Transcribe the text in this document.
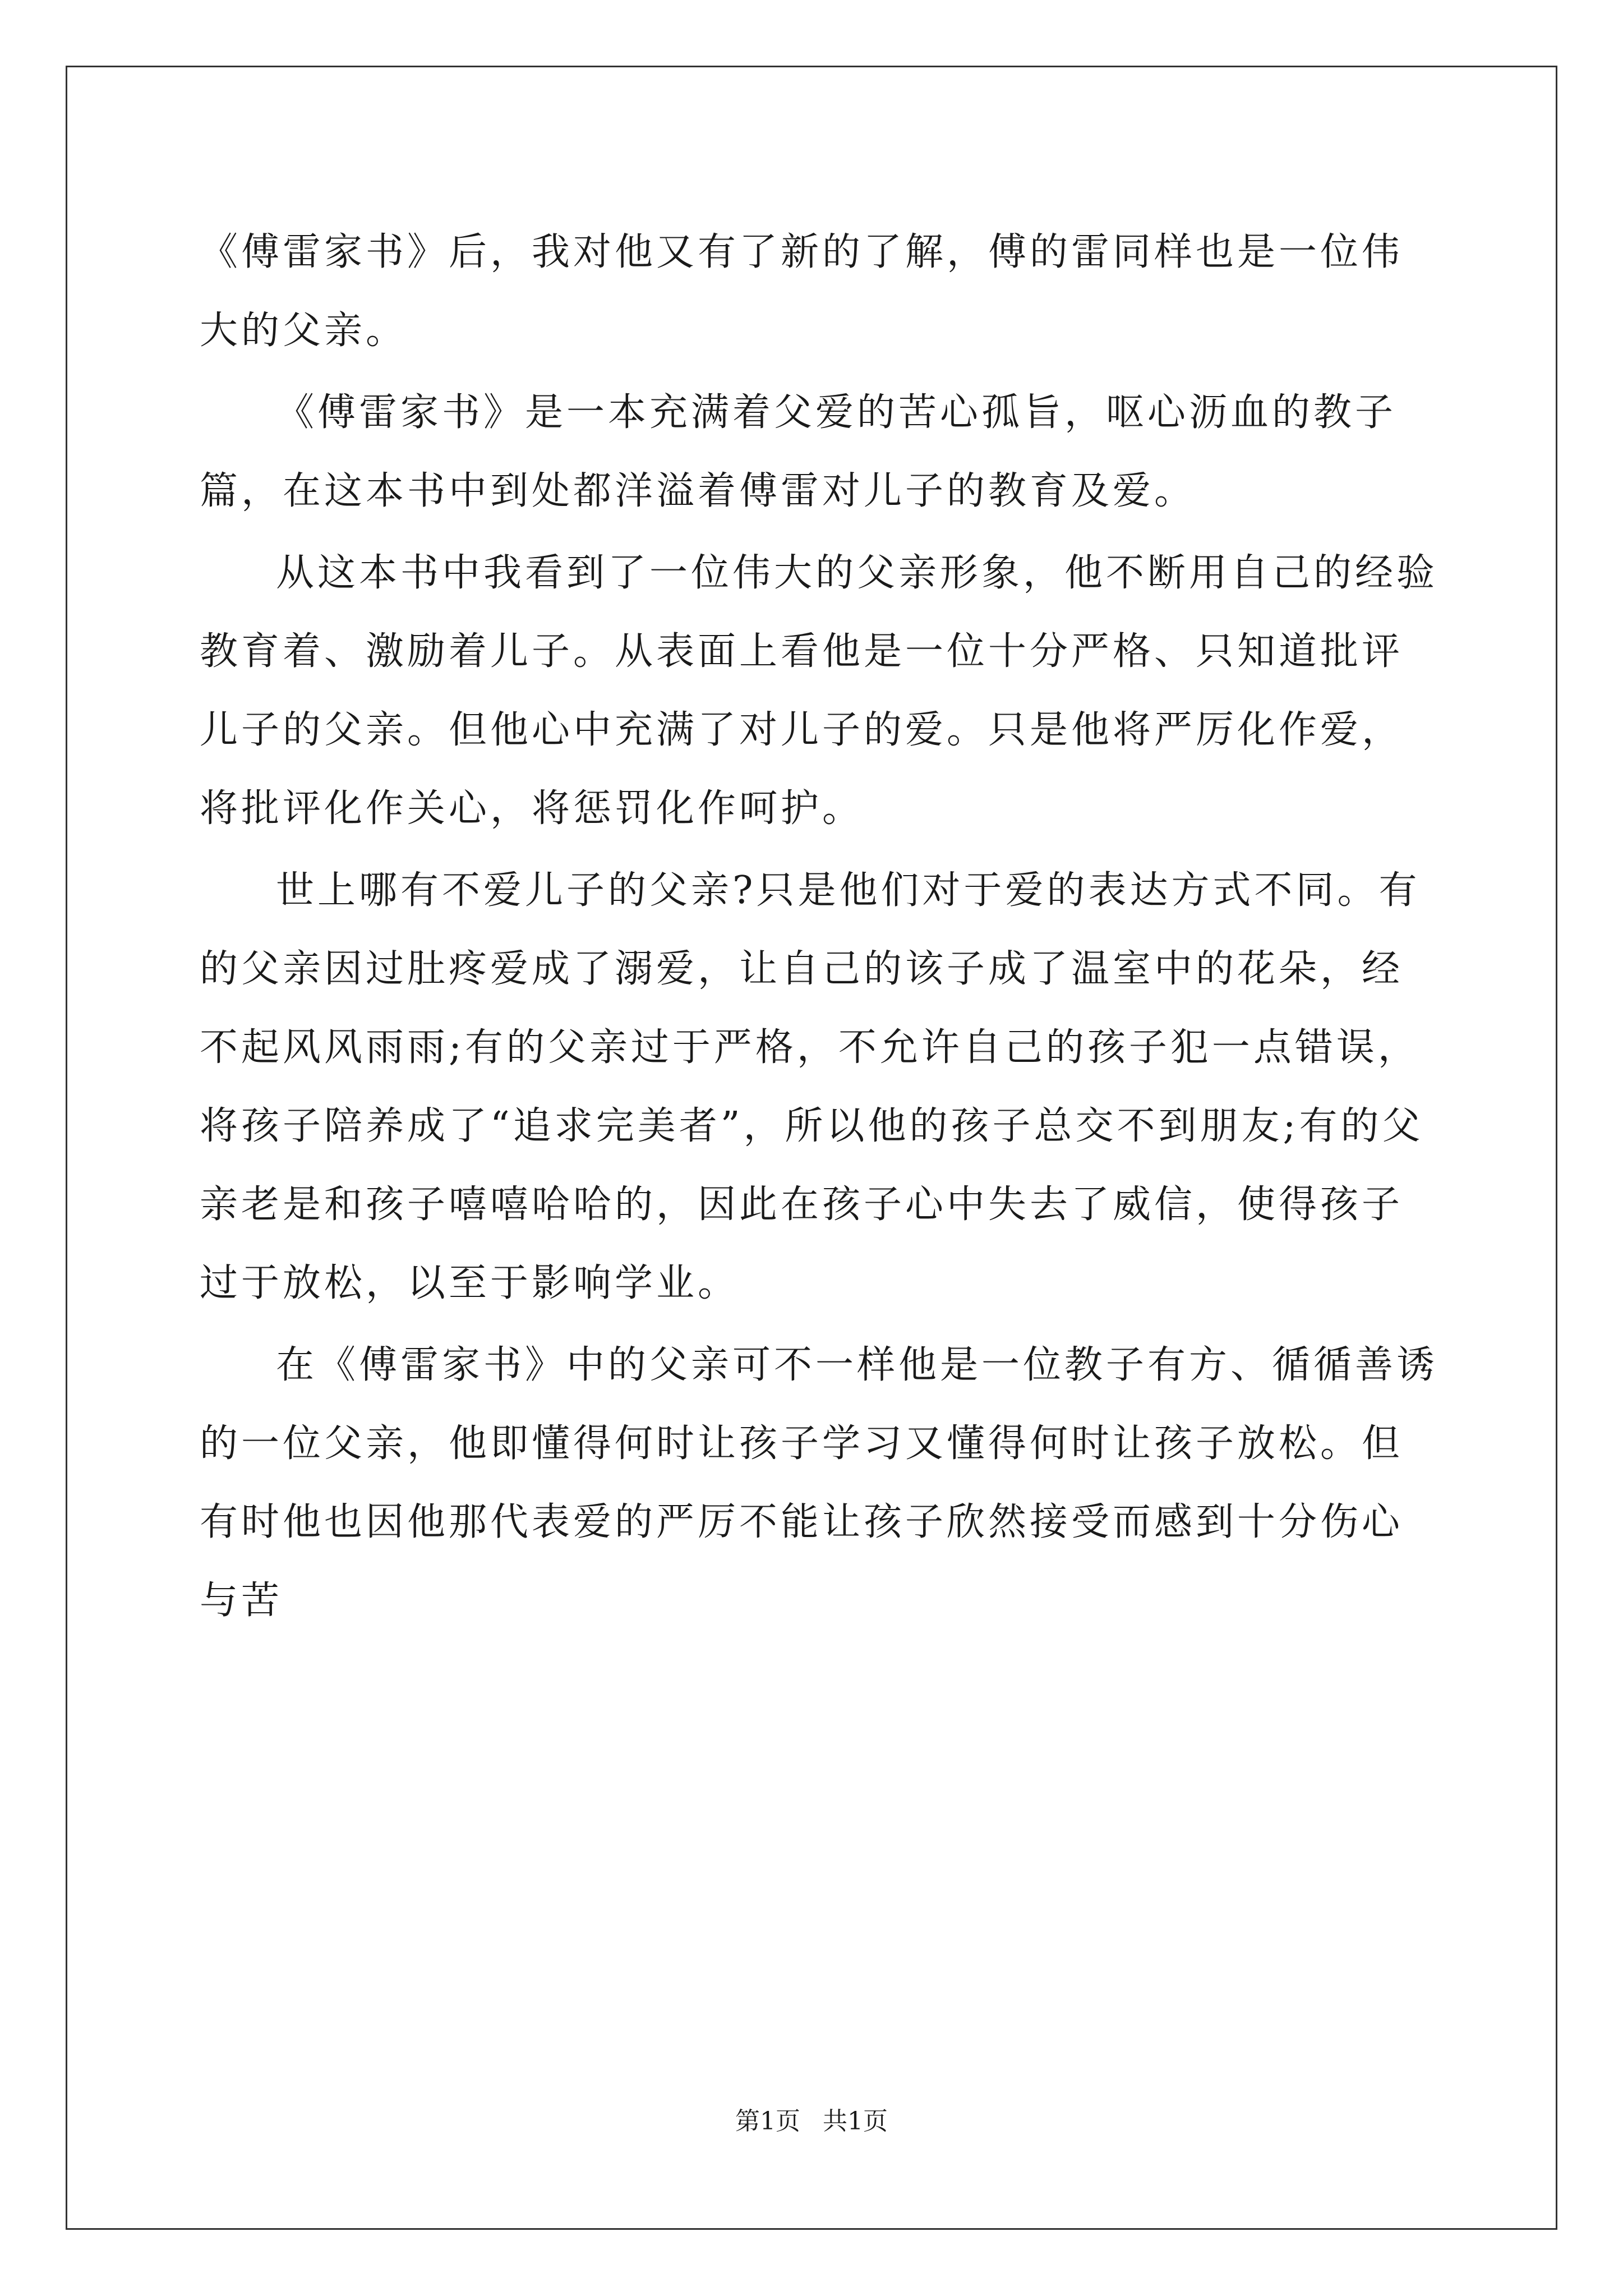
《傅雷家书》后，我对他又有了新的了解，傅的雷同样也是一位伟大的父亲。

《傅雷家书》是一本充满着父爱的苦心孤旨，呕心沥血的教子篇，在这本书中到处都洋溢着傅雷对儿子的教育及爱。

从这本书中我看到了一位伟大的父亲形象，他不断用自己的经验教育着、激励着儿子。从表面上看他是一位十分严格、只知道批评儿子的父亲。但他心中充满了对儿子的爱。只是他将严厉化作爱，将批评化作关心，将惩罚化作呵护。

世上哪有不爱儿子的父亲?只是他们对于爱的表达方式不同。有的父亲因过肚疼爱成了溺爱，让自己的该子成了温室中的花朵，经不起风风雨雨;有的父亲过于严格，不允许自己的孩子犯一点错误，将孩子陪养成了“追求完美者”，所以他的孩子总交不到朋友;有的父亲老是和孩子嘻嘻哈哈的，因此在孩子心中失去了威信，使得孩子过于放松，以至于影响学业。

在《傅雷家书》中的父亲可不一样他是一位教子有方、循循善诱的一位父亲，他即懂得何时让孩子学习又懂得何时让孩子放松。但有时他也因他那代表爱的严厉不能让孩子欣然接受而感到十分伤心与苦

第1页 共1页
